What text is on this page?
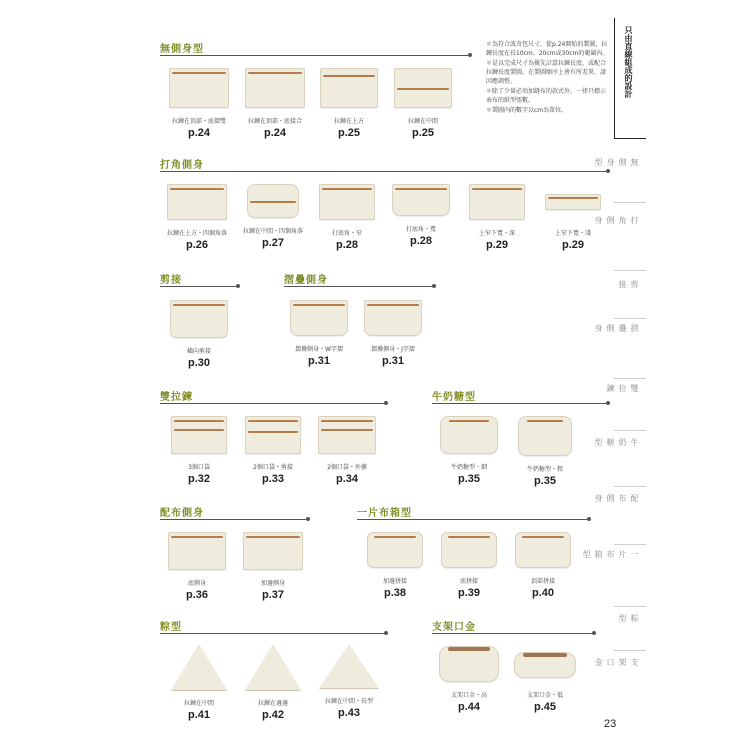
無側身型
拉鍊在頂部・底摺雙
p.24
拉鍊在頂部・底接合
p.24
拉鍊在上方
p.25
拉鍊在中間
p.25

＊為符合波奇包尺寸，從p.24開始的製圖，拉鍊長度在長10cm、20cm或30cm的範圍內。

＊是以完成尺寸為優先計算拉鍊長度，或配合拉鍊長度製圖，在製圖順序上會有所差異，請因應調整。

＊除了少量必須加縫布的款式外，一律只標示表布的紙型張數。

＊製圖內的數字以cm為單位。

打角側身
拉鍊在上方・四個角落
p.26
拉鍊在中間・四個角落
p.27
打底角・窄
p.28
打底角・寬
p.28
上窄下寬・深
p.29
上窄下寬・淺
p.29
剪接
橫向剪接
p.30
摺疊側身
摺疊側身・W字摺
p.31
摺疊側身・J字摺
p.31
雙拉鍊
3個口袋
p.32
2個口袋・剪接
p.33
2個口袋・外擴
p.34
牛奶糖型
牛奶糖型・細
p.35
牛奶糖型・粗
p.35
配布側身
底側身
p.36
加邊側身
p.37
一片布箱型
加邊拼接
p.38
底拼接
p.39
頂部拼接
p.40
粽型
拉鍊在中間
p.41
拉鍊在邊邊
p.42
拉鍊在中間・長型
p.43
支架口金
支架口金・高
p.44
支架口金・低
p.45
只由直線組成的設計
無側身型
打角側身
剪接
摺疊側身
雙拉鍊
牛奶糖型
配布側身
一片布箱型
粽型
支架口金
23
